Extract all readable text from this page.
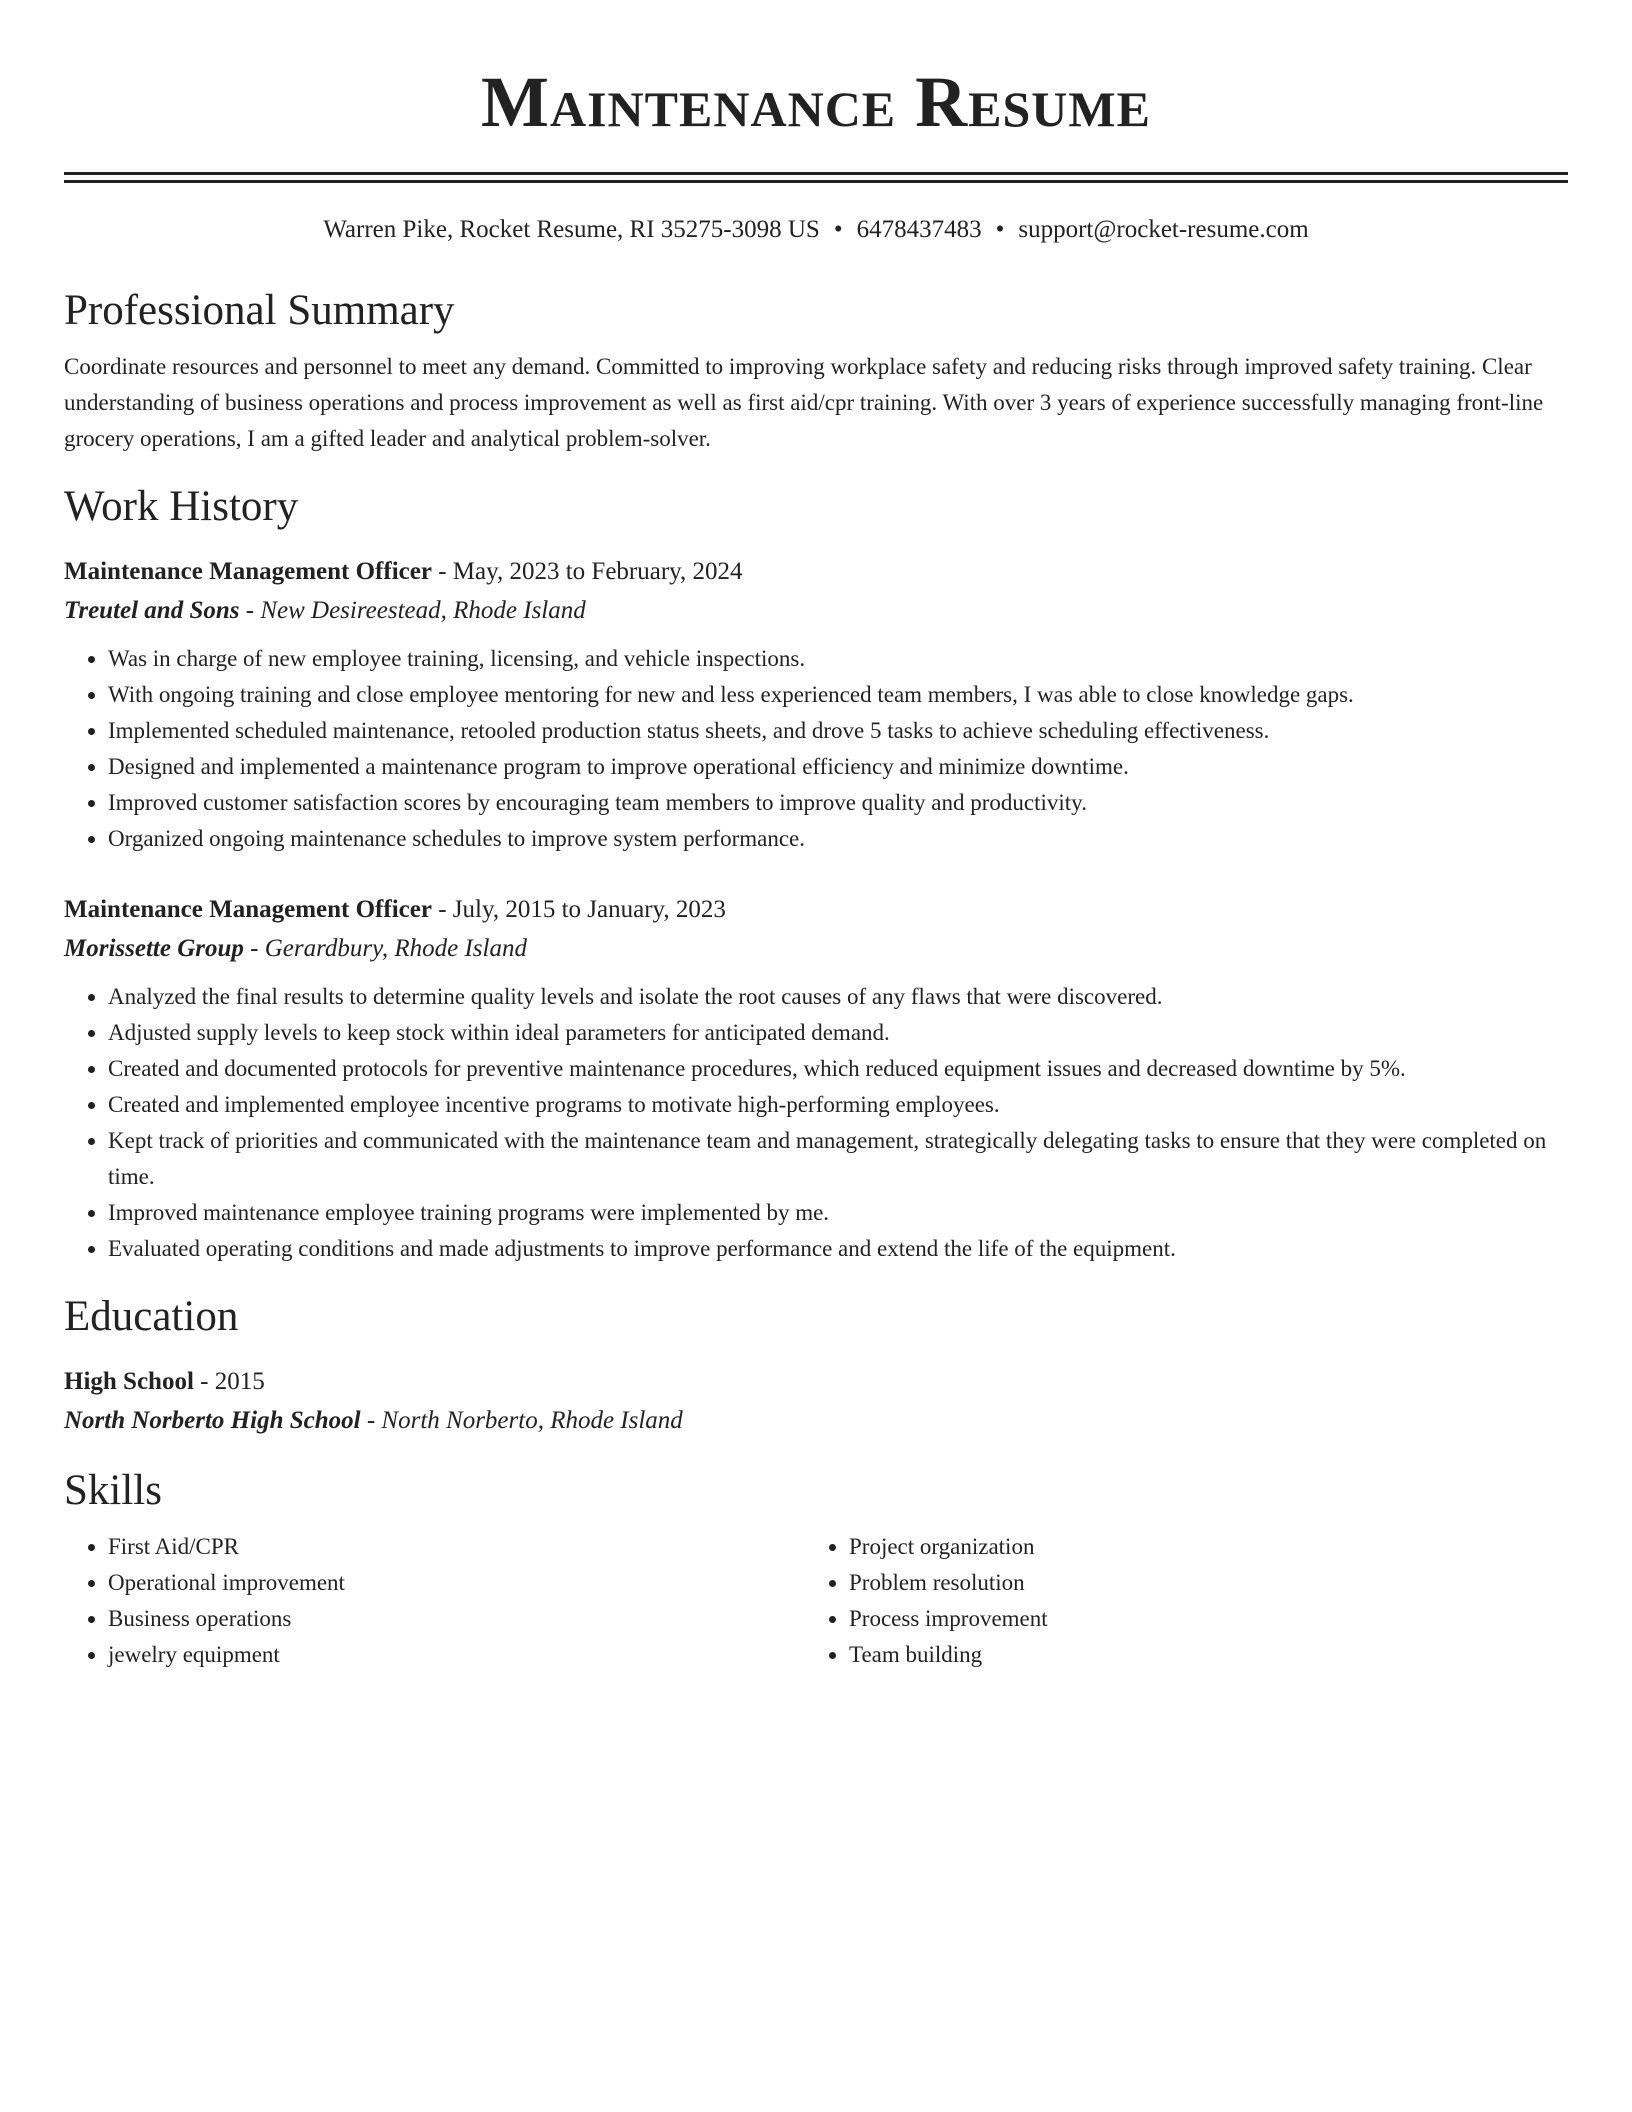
Maintenance Resume
Warren Pike, Rocket Resume, RI 35275-3098 US • 6478437483 • support@rocket-resume.com
Professional Summary
Coordinate resources and personnel to meet any demand. Committed to improving workplace safety and reducing risks through improved safety training. Clear understanding of business operations and process improvement as well as first aid/cpr training. With over 3 years of experience successfully managing front-line grocery operations, I am a gifted leader and analytical problem-solver.
Work History
Maintenance Management Officer - May, 2023 to February, 2024
Treutel and Sons - New Desireestead, Rhode Island
• Was in charge of new employee training, licensing, and vehicle inspections.
• With ongoing training and close employee mentoring for new and less experienced team members, I was able to close knowledge gaps.
• Implemented scheduled maintenance, retooled production status sheets, and drove 5 tasks to achieve scheduling effectiveness.
• Designed and implemented a maintenance program to improve operational efficiency and minimize downtime.
• Improved customer satisfaction scores by encouraging team members to improve quality and productivity.
• Organized ongoing maintenance schedules to improve system performance.
Maintenance Management Officer - July, 2015 to January, 2023
Morissette Group - Gerardbury, Rhode Island
• Analyzed the final results to determine quality levels and isolate the root causes of any flaws that were discovered.
• Adjusted supply levels to keep stock within ideal parameters for anticipated demand.
• Created and documented protocols for preventive maintenance procedures, which reduced equipment issues and decreased downtime by 5%.
• Created and implemented employee incentive programs to motivate high-performing employees.
• Kept track of priorities and communicated with the maintenance team and management, strategically delegating tasks to ensure that they were completed on time.
• Improved maintenance employee training programs were implemented by me.
• Evaluated operating conditions and made adjustments to improve performance and extend the life of the equipment.
Education
High School - 2015
North Norberto High School - North Norberto, Rhode Island
Skills
• First Aid/CPR
• Operational improvement
• Business operations
• jewelry equipment
• Project organization
• Problem resolution
• Process improvement
• Team building
